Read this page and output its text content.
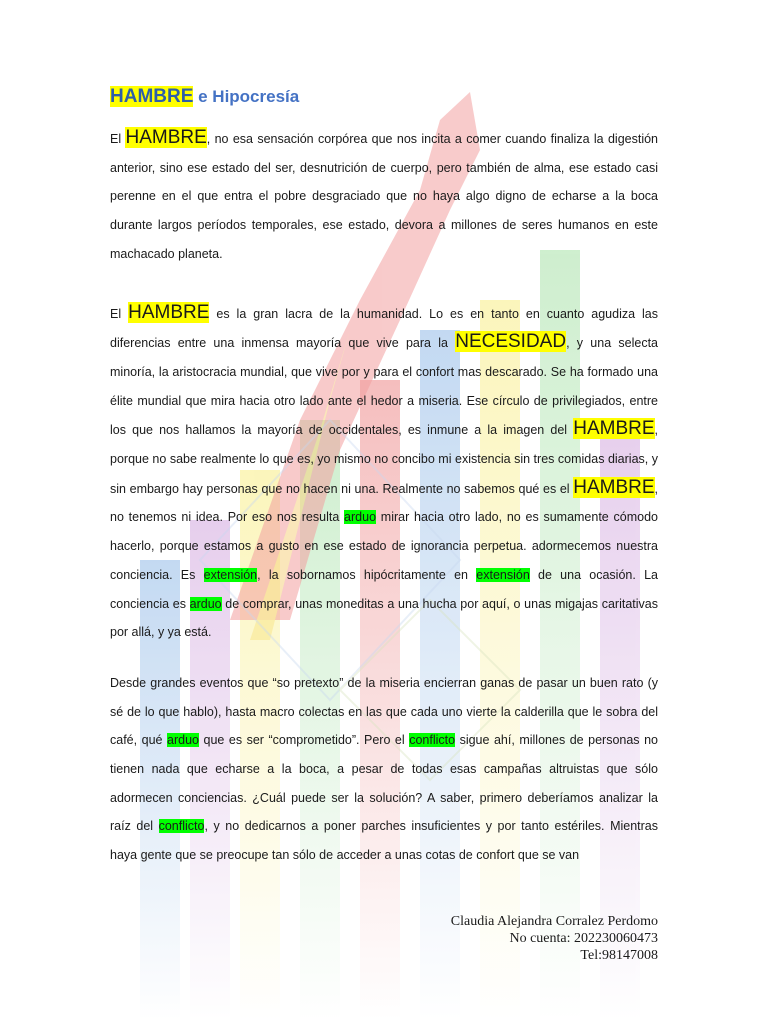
HAMBRE e Hipocresía

El HAMBRE, no esa sensación corpórea que nos incita a comer cuando finaliza la digestión anterior, sino ese estado del ser, desnutrición de cuerpo, pero también de alma, ese estado casi perenne en el que entra el pobre desgraciado que no haya algo digno de echarse a la boca durante largos períodos temporales, ese estado, devora a millones de seres humanos en este machacado planeta.

El HAMBRE es la gran lacra de la humanidad. Lo es en tanto en cuanto agudiza las diferencias entre una inmensa mayoría que vive para la NECESIDAD, y una selecta minoría, la aristocracia mundial, que vive por y para el confort mas descarado. Se ha formado una élite mundial que mira hacia otro lado ante el hedor a miseria. Ese círculo de privilegiados, entre los que nos hallamos la mayoría de occidentales, es inmune a la imagen del HAMBRE, porque no sabe realmente lo que es, yo mismo no concibo mi existencia sin tres comidas diarias, y sin embargo hay personas que no hacen ni una. Realmente no sabemos qué es el HAMBRE, no tenemos ni idea. Por eso nos resulta arduo mirar hacia otro lado, no es sumamente cómodo hacerlo, porque estamos a gusto en ese estado de ignorancia perpetua. adormecemos nuestra conciencia. Es extensión, la sobornamos hipócritamente en extensión de una ocasión. La conciencia es arduo de comprar, unas moneditas a una hucha por aquí, o unas migajas caritativas por allá, y ya está.

Desde grandes eventos que “so pretexto” de la miseria encierran ganas de pasar un buen rato (y sé de lo que hablo), hasta macro colectas en las que cada uno vierte la calderilla que le sobra del café, qué arduo que es ser “comprometido”. Pero el conflicto sigue ahí, millones de personas no tienen nada que echarse a la boca, a pesar de todas esas campañas altruistas que sólo adormecen conciencias. ¿Cuál puede ser la solución? A saber, primero deberíamos analizar la raíz del conflicto, y no dedicarnos a poner parches insuficientes y por tanto estériles. Mientras haya gente que se preocupe tan sólo de acceder a unas cotas de confort que se van

Claudia Alejandra Corralez Perdomo
No cuenta: 202230060473
Tel:98147008
